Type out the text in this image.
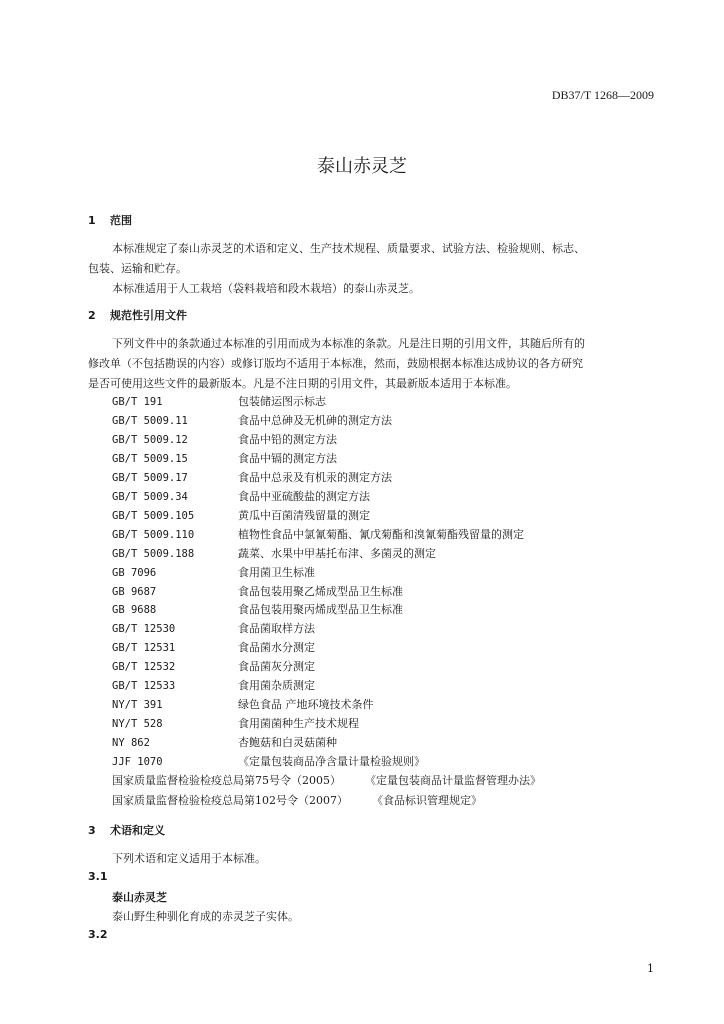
DB37/T 1268—2009
泰山赤灵芝
1 范围
本标准规定了泰山赤灵芝的术语和定义、生产技术规程、质量要求、试验方法、检验规则、标志、
包装、运输和贮存。
本标准适用于人工栽培（袋料栽培和段木栽培）的泰山赤灵芝。
2 规范性引用文件
下列文件中的条款通过本标准的引用而成为本标准的条款。凡是注日期的引用文件，其随后所有的
修改单（不包括勘误的内容）或修订版均不适用于本标准，然而，鼓励根据本标准达成协议的各方研究
是否可使用这些文件的最新版本。凡是不注日期的引用文件，其最新版本适用于本标准。
GB/T 191	包装储运图示标志
GB/T 5009.11	食品中总砷及无机砷的测定方法
GB/T 5009.12	食品中铅的测定方法
GB/T 5009.15	食品中镉的测定方法
GB/T 5009.17	食品中总汞及有机汞的测定方法
GB/T 5009.34	食品中亚硫酸盐的测定方法
GB/T 5009.105	黄瓜中百菌清残留量的测定
GB/T 5009.110	植物性食品中氯氰菊酯、氰戊菊酯和溴氰菊酯残留量的测定
GB/T 5009.188	蔬菜、水果中甲基托布津、多菌灵的测定
GB 7096	食用菌卫生标准
GB 9687	食品包装用聚乙烯成型品卫生标准
GB 9688	食品包装用聚丙烯成型品卫生标准
GB/T 12530	食品菌取样方法
GB/T 12531	食品菌水分测定
GB/T 12532	食品菌灰分测定
GB/T 12533	食用菌杂质测定
NY/T 391	绿色食品 产地环境技术条件
NY/T 528	食用菌菌种生产技术规程
NY 862	杏鲍菇和白灵菇菌种
JJF 1070	《定量包装商品净含量计量检验规则》
国家质量监督检验检疫总局第75号令（2005） 《定量包装商品计量监督管理办法》
国家质量监督检验检疫总局第102号令（2007） 《食品标识管理规定》
3 术语和定义
下列术语和定义适用于本标准。
3.1
泰山赤灵芝
泰山野生种驯化育成的赤灵芝子实体。
3.2
1
